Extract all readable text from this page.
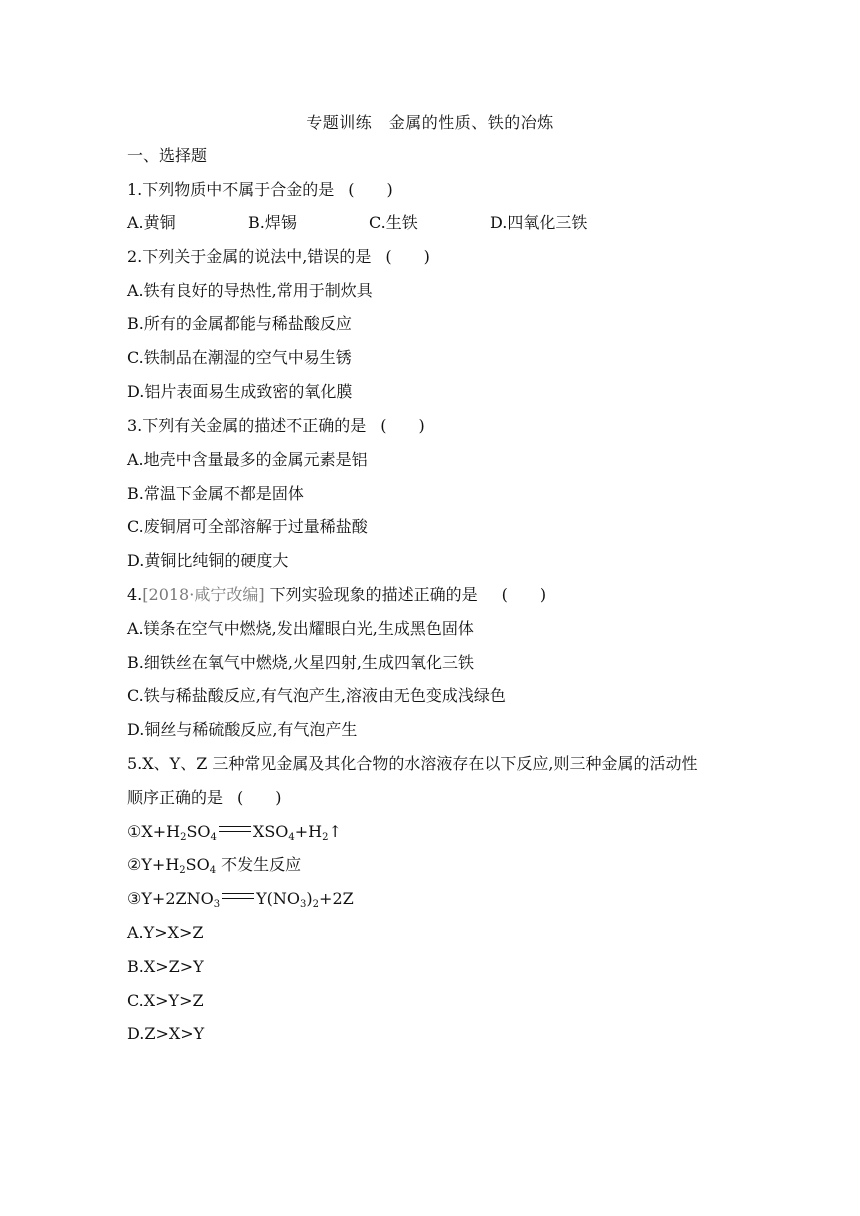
专题训练　金属的性质、铁的冶炼
一、选择题
1.下列物质中不属于合金的是 (　　)
A.黄铜	B.焊锡	C.生铁	D.四氧化三铁
2.下列关于金属的说法中,错误的是 (　　)
A.铁有良好的导热性,常用于制炊具
B.所有的金属都能与稀盐酸反应
C.铁制品在潮湿的空气中易生锈
D.铝片表面易生成致密的氧化膜
3.下列有关金属的描述不正确的是 (　　)
A.地壳中含量最多的金属元素是铝
B.常温下金属不都是固体
C.废铜屑可全部溶解于过量稀盐酸
D.黄铜比纯铜的硬度大
4.[2018·咸宁改编] 下列实验现象的描述正确的是 (　　)
A.镁条在空气中燃烧,发出耀眼白光,生成黑色固体
B.细铁丝在氧气中燃烧,火星四射,生成四氧化三铁
C.铁与稀盐酸反应,有气泡产生,溶液由无色变成浅绿色
D.铜丝与稀硫酸反应,有气泡产生
5.X、Y、Z 三种常见金属及其化合物的水溶液存在以下反应,则三种金属的活动性
顺序正确的是 (　　)
$①X+H_2SO_4$ $XSO_4+H_2↑$
$②Y+H_2SO_4$ 不发生反应
$③Y+2ZNO_3$ $Y(NO_3)_2+2Z$
A.Y>X>Z
B.X>Z>Y
C.X>Y>Z
D.Z>X>Y
